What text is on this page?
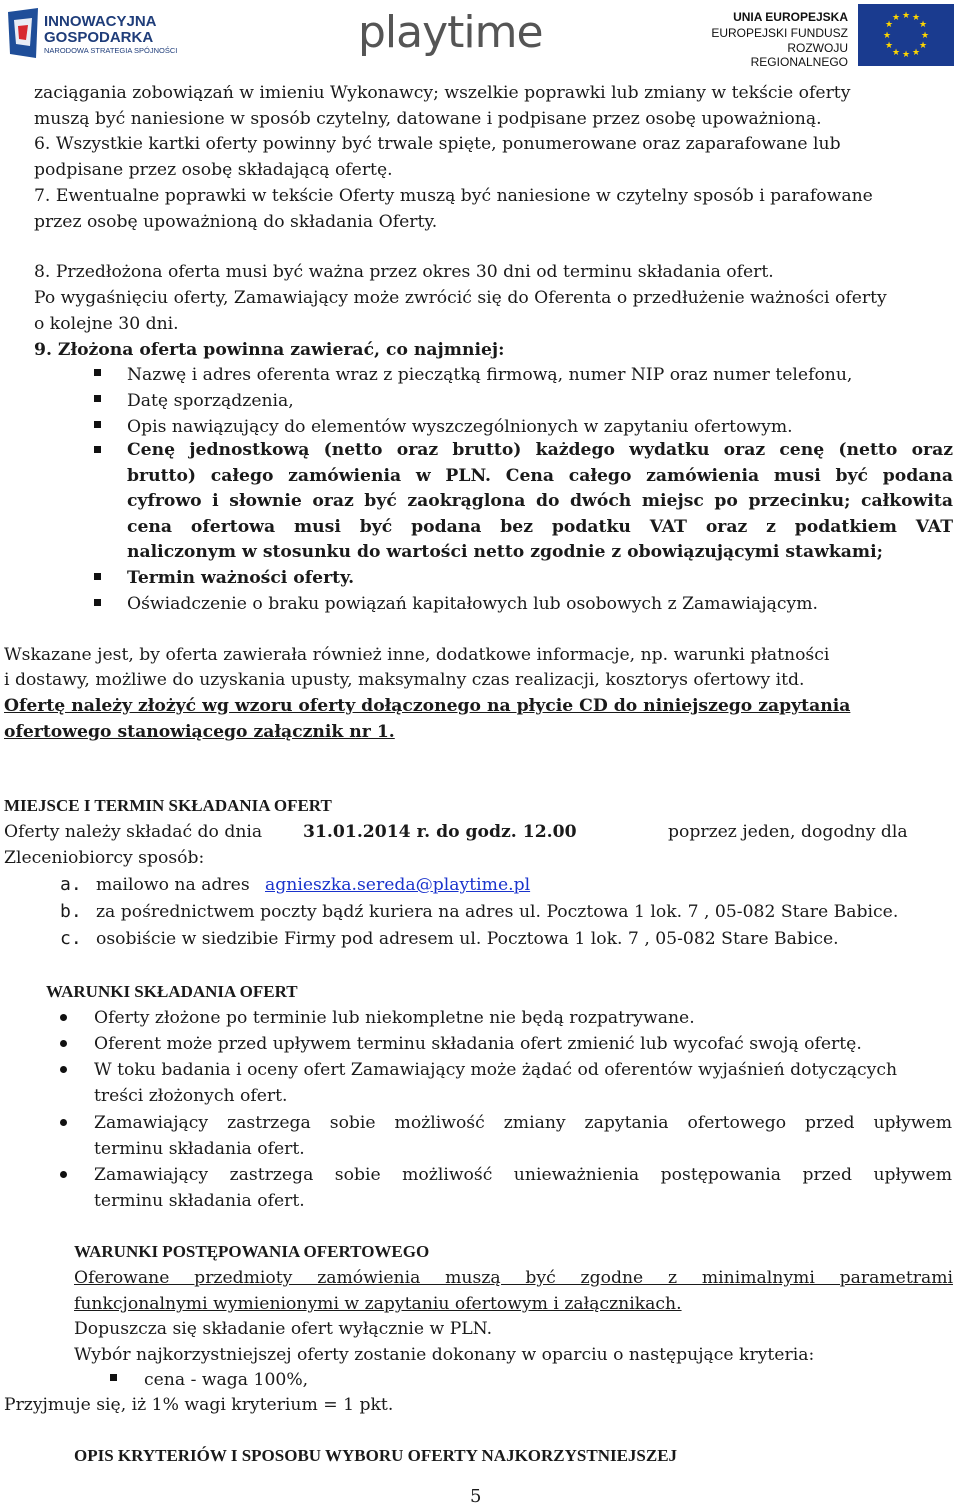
INNOWACYJNA
GOSPODARKA
NARODOWA STRATEGIA SPÓJNOŚCI	playtime	UNIA EUROPEJSKA
EUROPEJSKI FUNDUSZ
ROZWOJU REGIONALNEGO
★ ★
★
★
★
★
★
★
★
★
★
★
zaciągania zobowiązań w imieniu Wykonawcy; wszelkie poprawki lub zmiany w tekście oferty
muszą być naniesione w sposób czytelny, datowane i podpisane przez osobę upoważnioną.
6. Wszystkie kartki oferty powinny być trwale spięte, ponumerowane oraz zaparafowane lub
podpisane przez osobę składającą ofertę.
7. Ewentualne poprawki w tekście Oferty muszą być naniesione w czytelny sposób i parafowane
przez osobę upoważnioną do składania Oferty.
8. Przedłożona oferta musi być ważna przez okres 30 dni od terminu składania ofert.
Po wygaśnięciu oferty, Zamawiający może zwrócić się do Oferenta o przedłużenie ważności oferty
o kolejne 30 dni.
9. Złożona oferta powinna zawierać, co najmniej:
Nazwę i adres oferenta wraz z pieczątką firmową, numer NIP oraz numer telefonu,
Datę sporządzenia,
Opis nawiązujący do elementów wyszczególnionych w zapytaniu ofertowym.
Cenę jednostkową (netto oraz brutto) każdego wydatku oraz cenę (netto oraz
brutto) całego zamówienia w PLN. Cena całego zamówienia musi być podana
cyfrowo i słownie oraz być zaokrąglona do dwóch miejsc po przecinku; całkowita
cena ofertowa musi być podana bez podatku VAT oraz z podatkiem VAT
naliczonym w stosunku do wartości netto zgodnie z obowiązującymi stawkami;
Termin ważności oferty.
Oświadczenie o braku powiązań kapitałowych lub osobowych z Zamawiającym.
Wskazane jest, by oferta zawierała również inne, dodatkowe informacje, np. warunki płatności
i dostawy, możliwe do uzyskania upusty, maksymalny czas realizacji, kosztorys ofertowy itd.
Ofertę należy złożyć wg wzoru oferty dołączonego na płycie CD do niniejszego zapytania
ofertowego stanowiącego załącznik nr 1.
MIEJSCE I TERMIN SKŁADANIA OFERT
Oferty należy składać do dnia 31.01.2014 r. do godz. 12.00	poprzez jeden, dogodny dla
Zleceniobiorcy sposób:
a. mailowo na adres agnieszka.sereda@playtime.pl
b. za pośrednictwem poczty bądź kuriera na adres ul. Pocztowa 1 lok. 7 , 05-082 Stare Babice.
c. osobiście w siedzibie Firmy pod adresem ul. Pocztowa 1 lok. 7 , 05-082 Stare Babice.
WARUNKI SKŁADANIA OFERT
Oferty złożone po terminie lub niekompletne nie będą rozpatrywane.
Oferent może przed upływem terminu składania ofert zmienić lub wycofać swoją ofertę.
W toku badania i oceny ofert Zamawiający może żądać od oferentów wyjaśnień dotyczących
treści złożonych ofert.
Zamawiający zastrzega sobie możliwość zmiany zapytania ofertowego przed upływem
terminu składania ofert.
Zamawiający zastrzega sobie możliwość unieważnienia postępowania przed upływem
terminu składania ofert.
WARUNKI POSTĘPOWANIA OFERTOWEGO
Oferowane przedmioty zamówienia muszą być zgodne z minimalnymi parametrami
funkcjonalnymi wymienionymi w zapytaniu ofertowym i załącznikach.
Dopuszcza się składanie ofert wyłącznie w PLN.
Wybór najkorzystniejszej oferty zostanie dokonany w oparciu o następujące kryteria:
cena - waga 100%,
Przyjmuje się, iż 1% wagi kryterium = 1 pkt.
OPIS KRYTERIÓW I SPOSOBU WYBORU OFERTY NAJKORZYSTNIEJSZEJ
5
